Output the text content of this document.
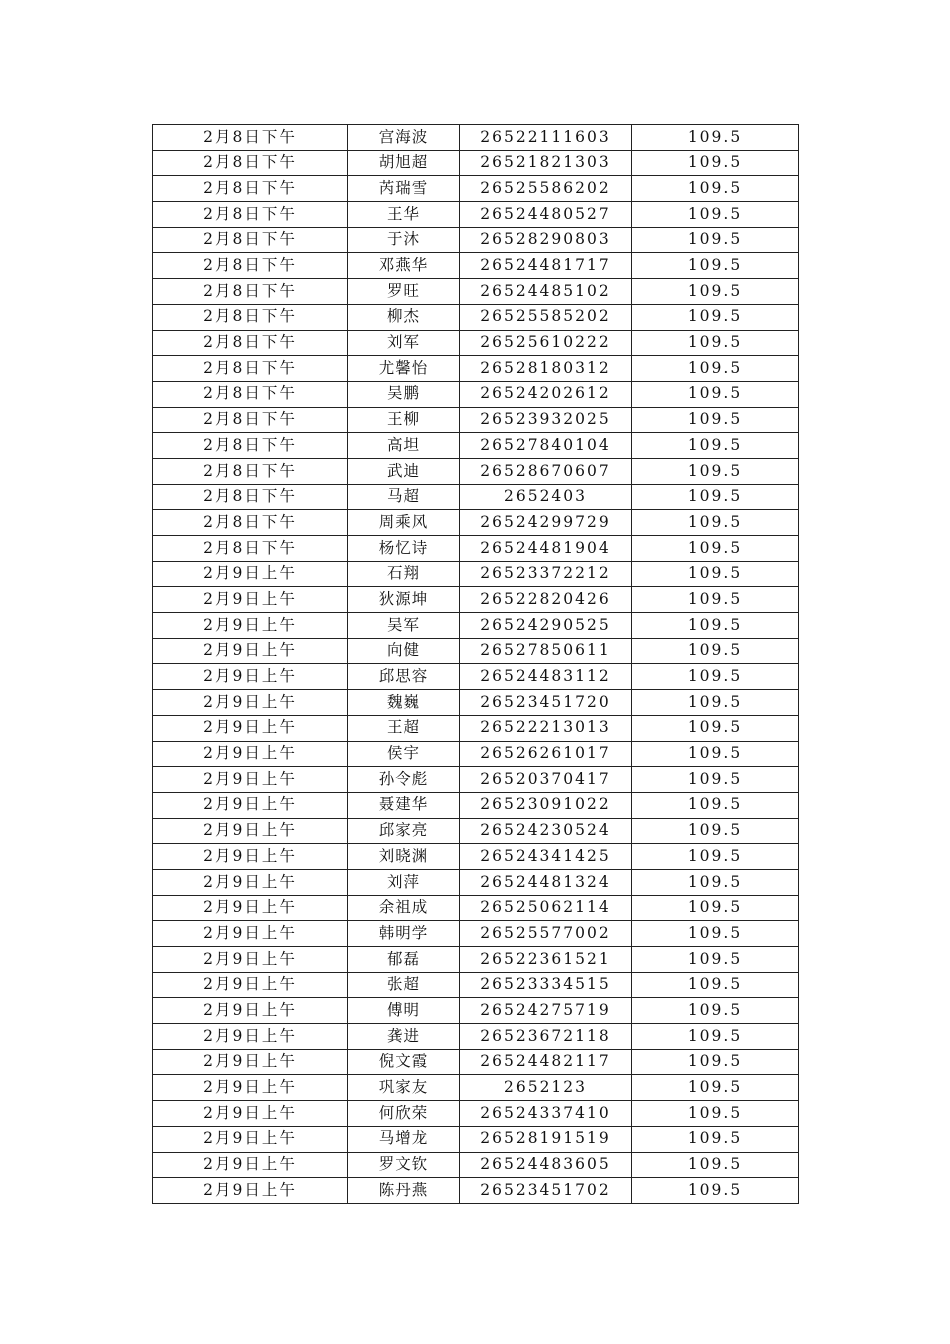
2月8日下午	宫海波	26522111603	109.5
2月8日下午	胡旭超	26521821303	109.5
2月8日下午	芮瑞雪	26525586202	109.5
2月8日下午	王华	26524480527	109.5
2月8日下午	于沐	26528290803	109.5
2月8日下午	邓燕华	26524481717	109.5
2月8日下午	罗旺	26524485102	109.5
2月8日下午	柳杰	26525585202	109.5
2月8日下午	刘军	26525610222	109.5
2月8日下午	尤馨怡	26528180312	109.5
2月8日下午	吴鹏	26524202612	109.5
2月8日下午	王柳	26523932025	109.5
2月8日下午	高坦	26527840104	109.5
2月8日下午	武迪	26528670607	109.5
2月8日下午	马超	2652403	109.5
2月8日下午	周乘风	26524299729	109.5
2月8日下午	杨忆诗	26524481904	109.5
2月9日上午	石翔	26523372212	109.5
2月9日上午	狄源坤	26522820426	109.5
2月9日上午	吴军	26524290525	109.5
2月9日上午	向健	26527850611	109.5
2月9日上午	邱思容	26524483112	109.5
2月9日上午	魏巍	26523451720	109.5
2月9日上午	王超	26522213013	109.5
2月9日上午	侯宇	26526261017	109.5
2月9日上午	孙令彪	26520370417	109.5
2月9日上午	聂建华	26523091022	109.5
2月9日上午	邱家亮	26524230524	109.5
2月9日上午	刘晓渊	26524341425	109.5
2月9日上午	刘萍	26524481324	109.5
2月9日上午	余祖成	26525062114	109.5
2月9日上午	韩明学	26525577002	109.5
2月9日上午	郁磊	26522361521	109.5
2月9日上午	张超	26523334515	109.5
2月9日上午	傅明	26524275719	109.5
2月9日上午	龚进	26523672118	109.5
2月9日上午	倪文霞	26524482117	109.5
2月9日上午	巩家友	2652123	109.5
2月9日上午	何欣荣	26524337410	109.5
2月9日上午	马增龙	26528191519	109.5
2月9日上午	罗文钦	26524483605	109.5
2月9日上午	陈丹燕	26523451702	109.5
